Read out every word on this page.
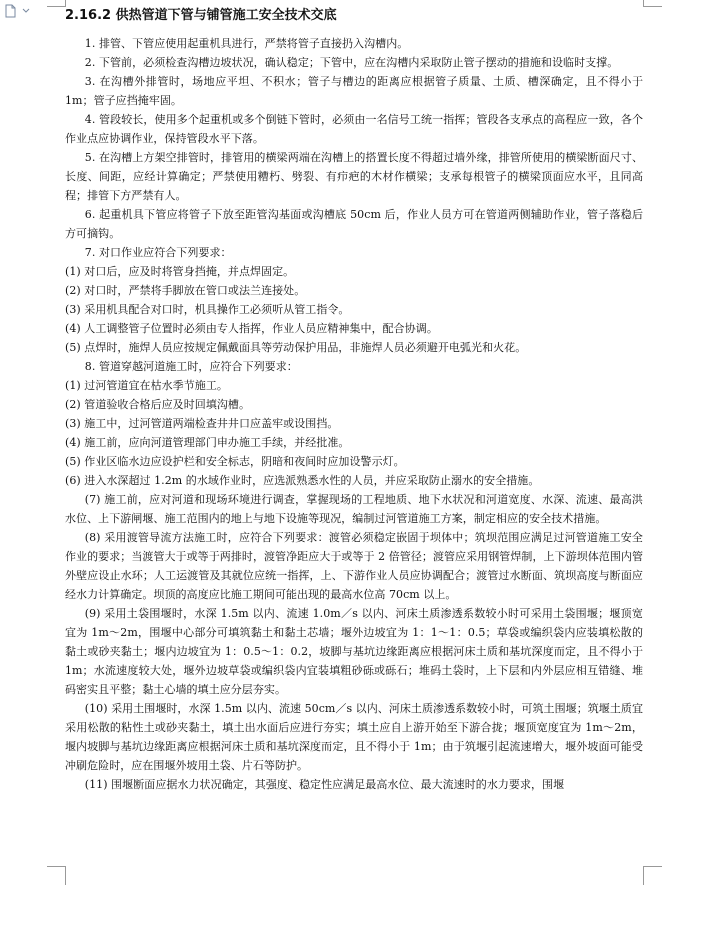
2.16.2 供热管道下管与铺管施工安全技术交底

1. 排管、下管应使用起重机具进行，严禁将管子直接扔入沟槽内。

2. 下管前，必须检查沟槽边坡状况，确认稳定；下管中，应在沟槽内采取防止管子摆动的措施和设临时支撑。

3. 在沟槽外排管时，场地应平坦、不积水；管子与槽边的距离应根据管子质量、土质、槽深确定，且不得小于 1m；管子应挡掩牢固。

4. 管段较长，使用多个起重机或多个倒链下管时，必须由一名信号工统一指挥；管段各支承点的高程应一致，各个作业点应协调作业，保持管段水平下落。

5. 在沟槽上方架空排管时，排管用的横梁两端在沟槽上的搭置长度不得超过墙外缘，排管所使用的横梁断面尺寸、长度、间距，应经计算确定；严禁使用糟朽、劈裂、有疖疤的木材作横梁；支承每根管子的横梁顶面应水平，且同高程；排管下方严禁有人。

6. 起重机具下管应将管子下放至距管沟基面或沟槽底 50cm 后，作业人员方可在管道两侧辅助作业，管子落稳后方可摘钩。

7. 对口作业应符合下列要求：

(1) 对口后，应及时将管身挡掩，并点焊固定。

(2) 对口时，严禁将手脚放在管口或法兰连接处。

(3) 采用机具配合对口时，机具操作工必须听从管工指令。

(4) 人工调整管子位置时必须由专人指挥，作业人员应精神集中，配合协调。

(5) 点焊时，施焊人员应按规定佩戴面具等劳动保护用品，非施焊人员必须避开电弧光和火花。

8. 管道穿越河道施工时，应符合下列要求：

(1) 过河管道宜在枯水季节施工。

(2) 管道验收合格后应及时回填沟槽。

(3) 施工中，过河管道两端检查井井口应盖牢或设围挡。

(4) 施工前，应向河道管理部门申办施工手续，并经批准。

(5) 作业区临水边应设护栏和安全标志，阴暗和夜间时应加设警示灯。

(6) 进入水深超过 1.2m 的水域作业时，应选派熟悉水性的人员，并应采取防止溺水的安全措施。

(7) 施工前，应对河道和现场环境进行调查，掌握现场的工程地质、地下水状况和河道宽度、水深、流速、最高洪水位、上下游闸堰、施工范围内的地上与地下设施等现况，编制过河管道施工方案，制定相应的安全技术措施。

(8) 采用渡管导流方法施工时，应符合下列要求：渡管必须稳定嵌固于坝体中；筑坝范围应满足过河管道施工安全作业的要求；当渡管大于或等于两排时，渡管净距应大于或等于 2 倍管径；渡管应采用钢管焊制，上下游坝体范围内管外壁应设止水环；人工运渡管及其就位应统一指挥，上、下游作业人员应协调配合；渡管过水断面、筑坝高度与断面应经水力计算确定。坝顶的高度应比施工期间可能出现的最高水位高 70cm 以上。

(9) 采用土袋围堰时，水深 1.5m 以内、流速 1.0m／s 以内、河床土质渗透系数较小时可采用土袋围堰；堰顶宽宜为 1m～2m，围堰中心部分可填筑黏土和黏土芯墙；堰外边坡宜为 1：1～1：0.5；草袋或编织袋内应装填松散的黏土或砂夹黏土；堰内边坡宜为 1：0.5～1：0.2，坡脚与基坑边缘距离应根据河床土质和基坑深度而定，且不得小于 1m；水流速度较大处，堰外边坡草袋或编织袋内宜装填粗砂砾或砾石；堆码土袋时，上下层和内外层应相互错缝、堆码密实且平整；黏土心墙的填土应分层夯实。

(10) 采用土围堰时，水深 1.5m 以内、流速 50cm／s 以内、河床土质渗透系数较小时，可筑土围堰；筑堰土质宜采用松散的粘性土或砂夹黏土，填土出水面后应进行夯实；填土应自上游开始至下游合拢；堰顶宽度宜为 1m～2m，堰内坡脚与基坑边缘距离应根据河床土质和基坑深度而定，且不得小于 1m；由于筑堰引起流速增大，堰外坡面可能受冲刷危险时，应在围堰外坡用土袋、片石等防护。

(11) 围堰断面应据水力状况确定，其强度、稳定性应满足最高水位、最大流速时的水力要求，围堰
